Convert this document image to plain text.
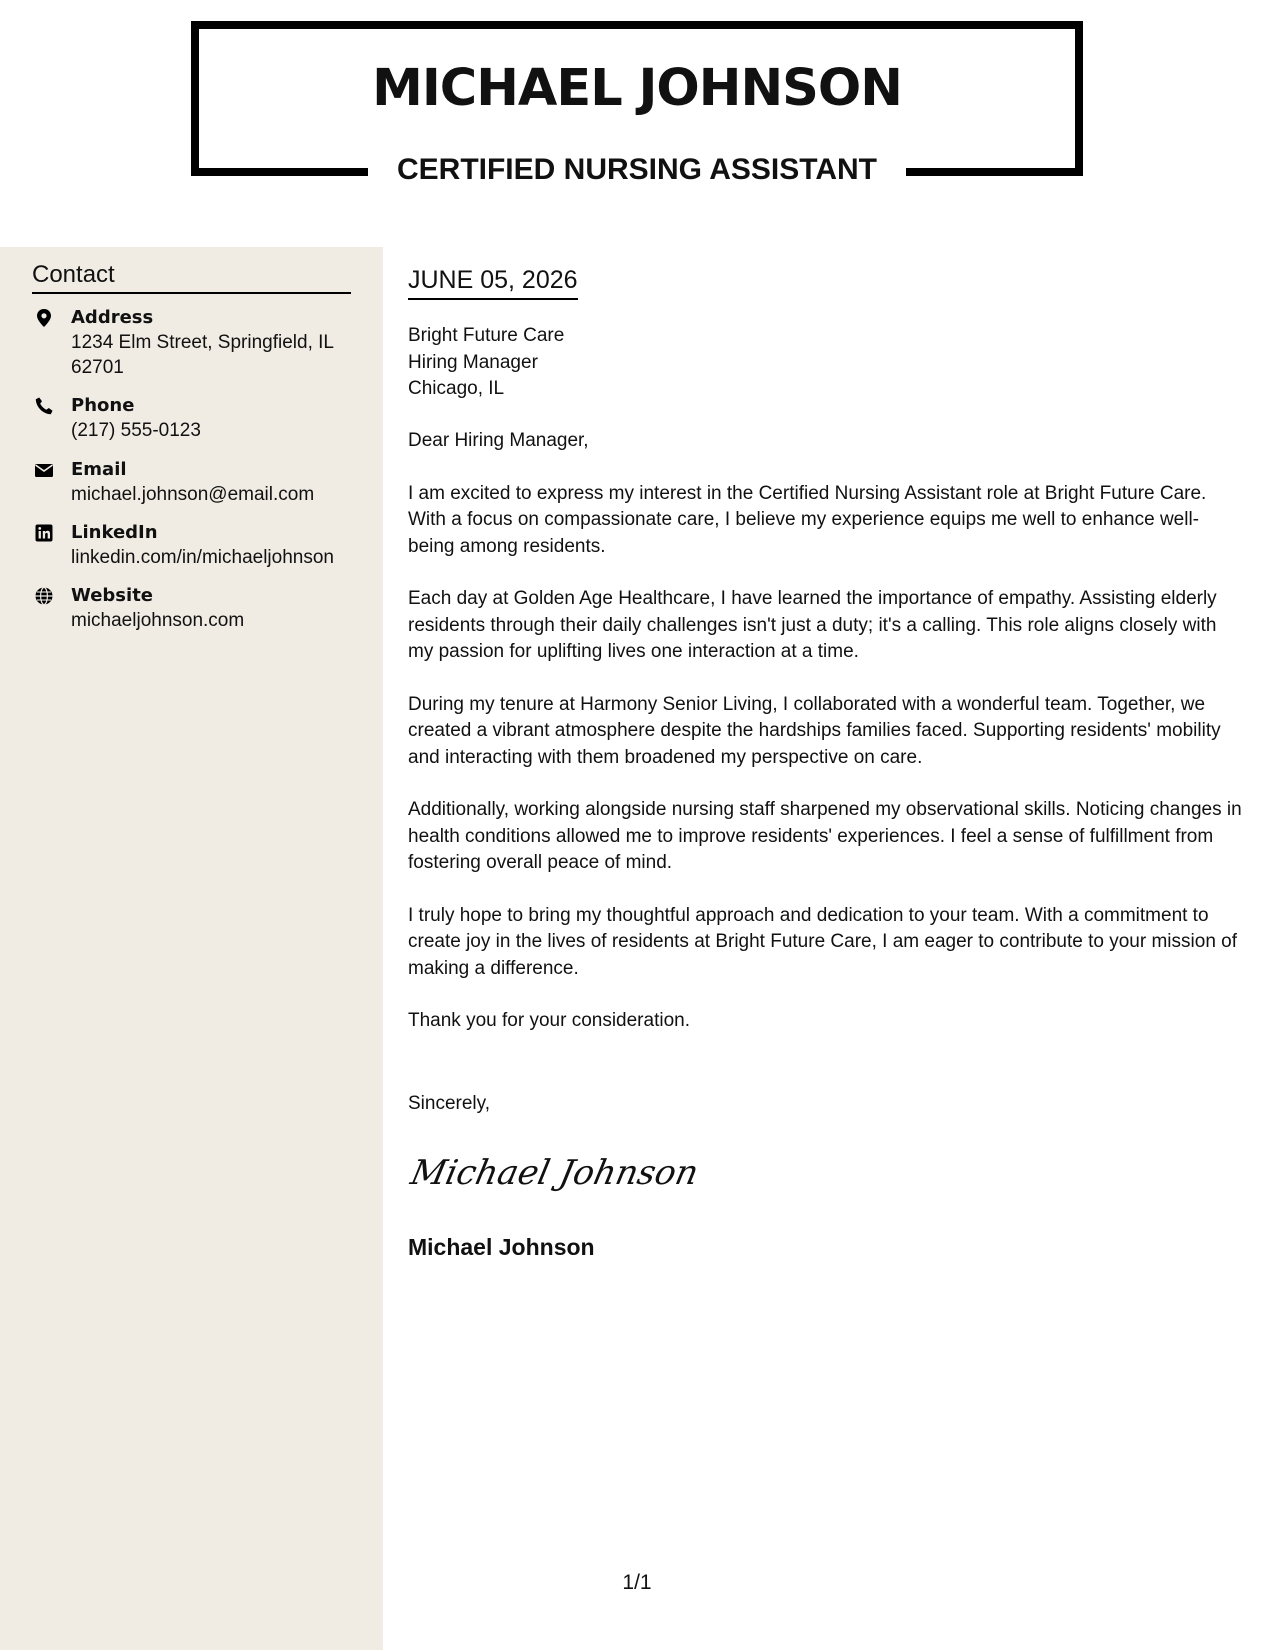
MICHAEL JOHNSON
CERTIFIED NURSING ASSISTANT
Contact
Address
1234 Elm Street, Springfield, IL 62701
Phone
(217) 555-0123
Email
michael.johnson@email.com
LinkedIn
linkedin.com/in/michaeljohnson
Website
michaeljohnson.com
JUNE 05, 2026
Bright Future Care
Hiring Manager
Chicago, IL

Dear Hiring Manager,

I am excited to express my interest in the Certified Nursing Assistant role at Bright Future Care. With a focus on compassionate care, I believe my experience equips me well to enhance well-being among residents.

Each day at Golden Age Healthcare, I have learned the importance of empathy. Assisting elderly residents through their daily challenges isn't just a duty; it's a calling. This role aligns closely with my passion for uplifting lives one interaction at a time.

During my tenure at Harmony Senior Living, I collaborated with a wonderful team. Together, we created a vibrant atmosphere despite the hardships families faced. Supporting residents' mobility and interacting with them broadened my perspective on care.

Additionally, working alongside nursing staff sharpened my observational skills. Noticing changes in health conditions allowed me to improve residents' experiences. I feel a sense of fulfillment from fostering overall peace of mind.

I truly hope to bring my thoughtful approach and dedication to your team. With a commitment to create joy in the lives of residents at Bright Future Care, I am eager to contribute to your mission of making a difference.

Thank you for your consideration.

Sincerely,
Michael Johnson
Michael Johnson
1/1
